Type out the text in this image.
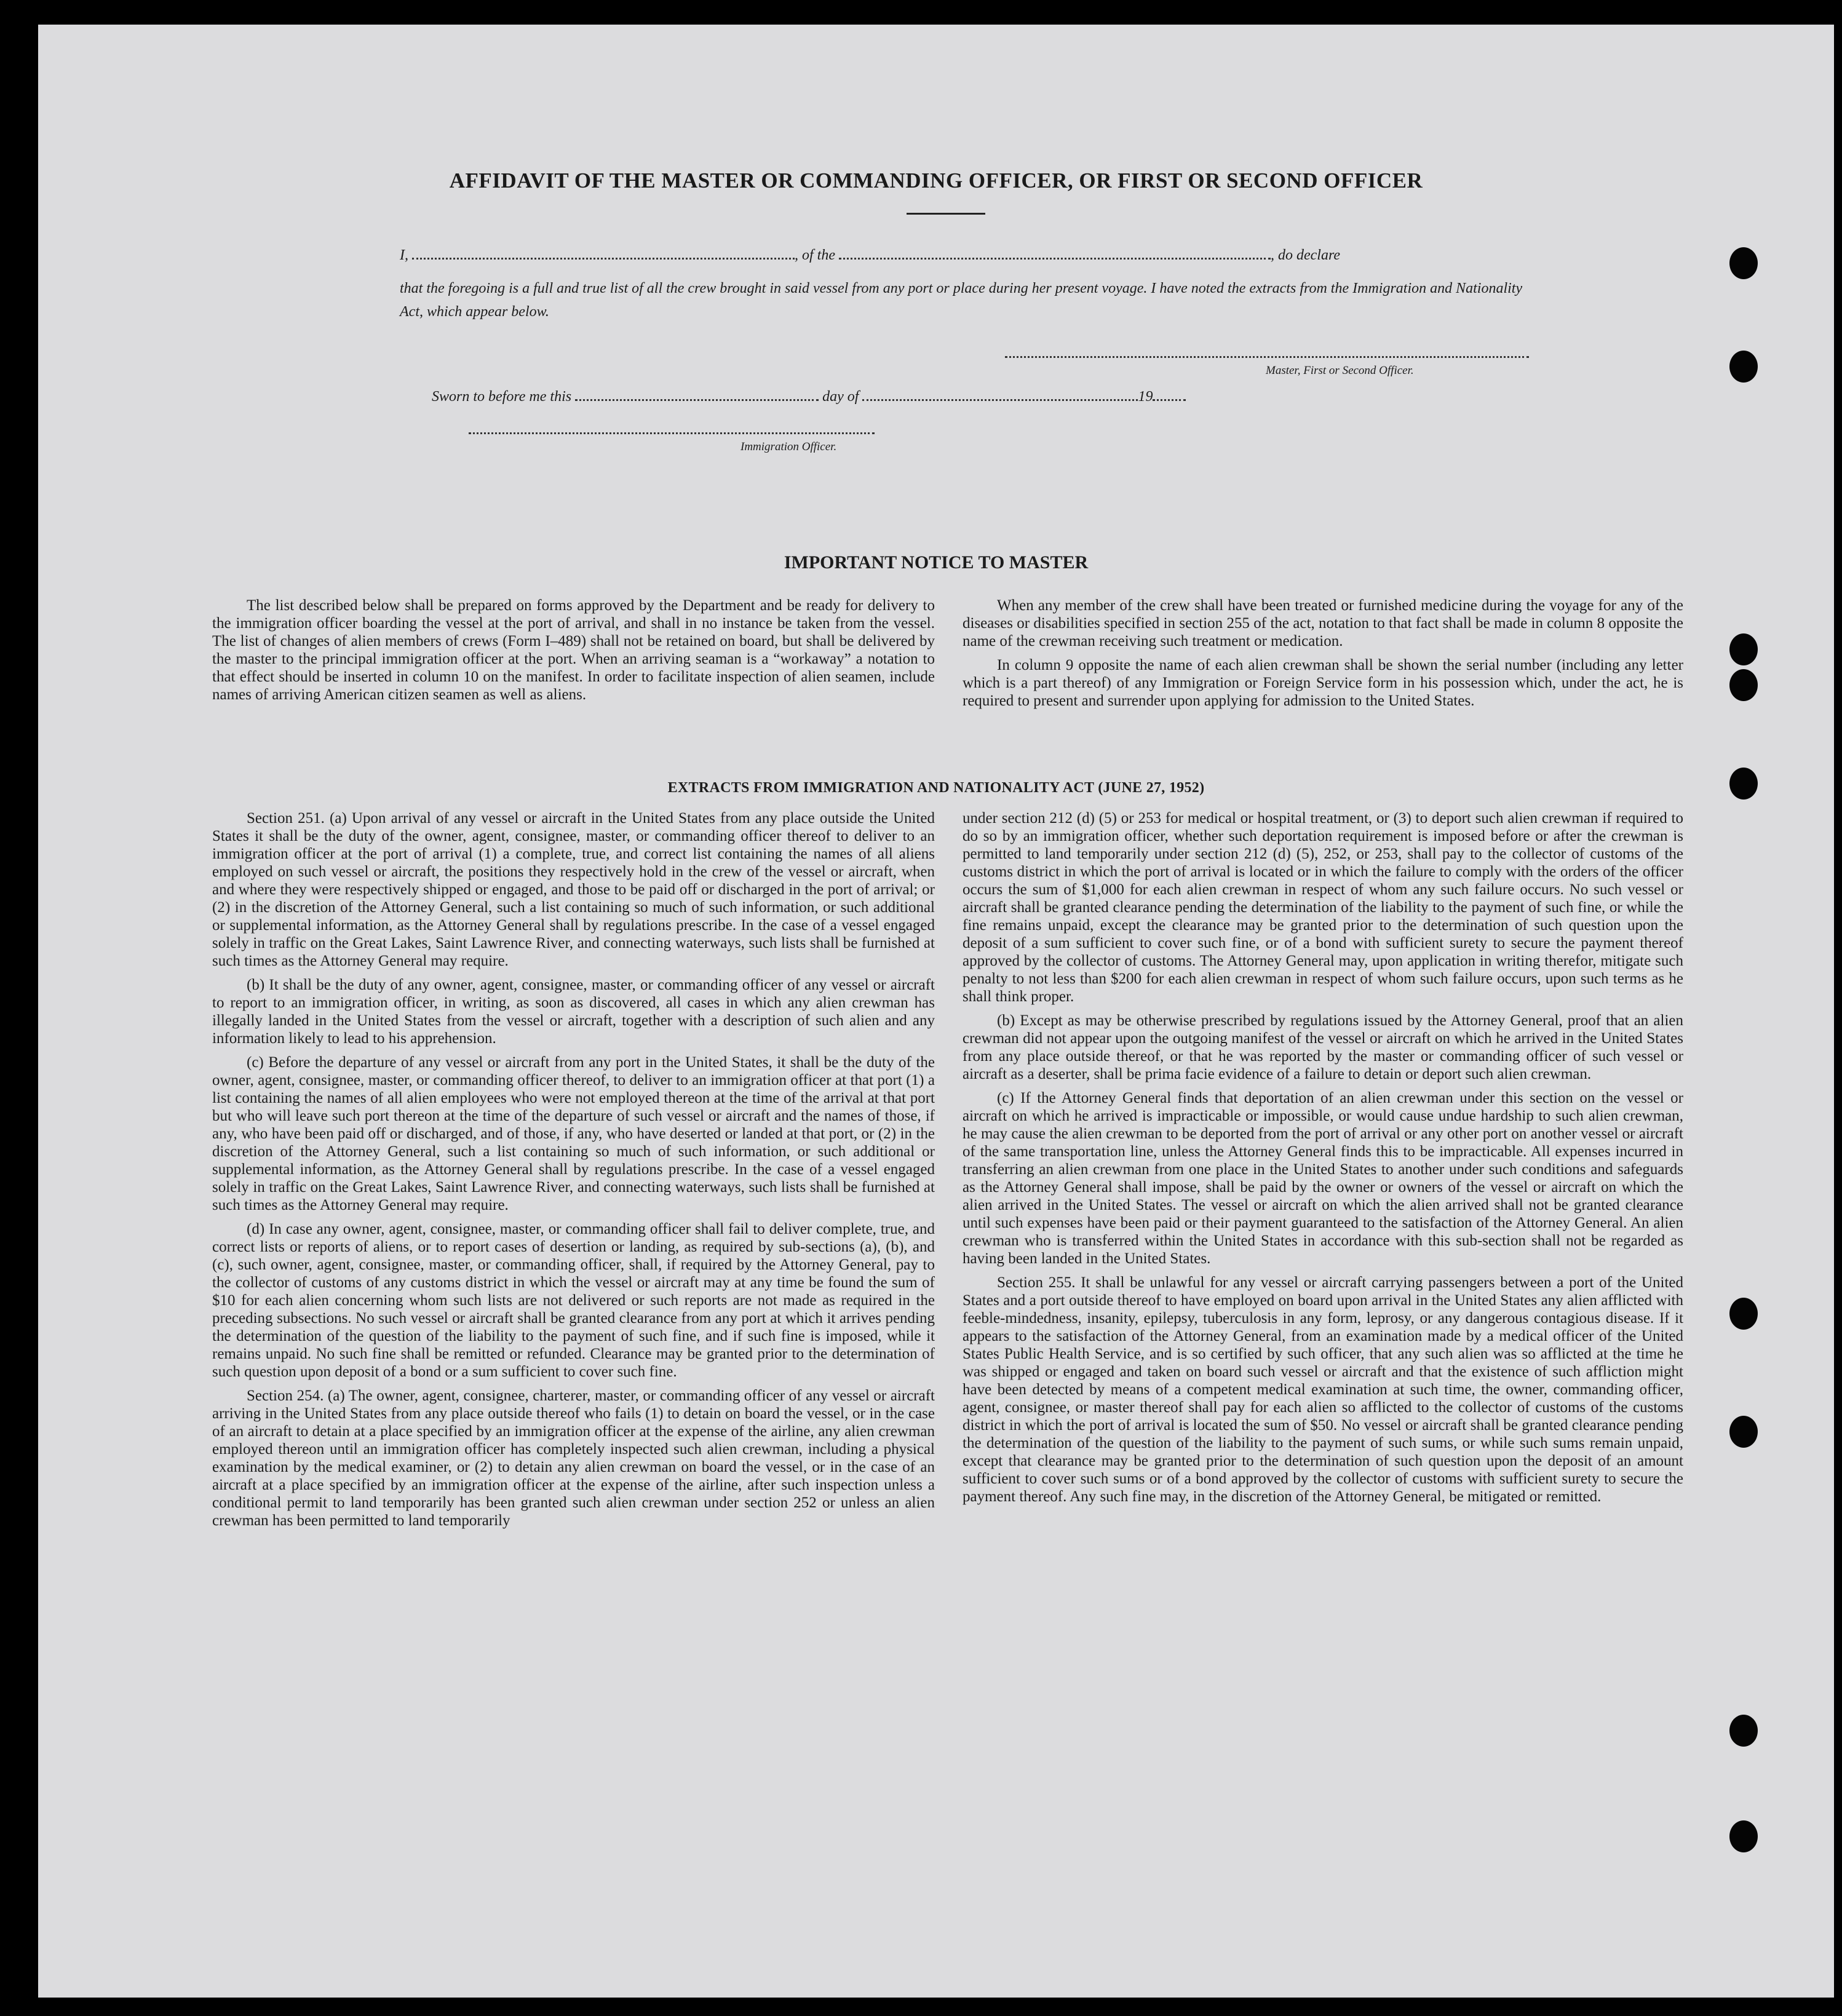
AFFIDAVIT OF THE MASTER OR COMMANDING OFFICER, OR FIRST OR SECOND OFFICER
I,	, of the	, do declare
that the foregoing is a full and true list of all the crew brought in said vessel from any port or place during her present voyage. I have noted the extracts from the Immigration and Nationality Act, which appear below.
Master, First or Second Officer.
Sworn to before me this	day of	19
Immigration Officer.
IMPORTANT NOTICE TO MASTER

The list described below shall be prepared on forms approved by the Department and be ready for delivery to the immigration officer boarding the vessel at the port of arrival, and shall in no instance be taken from the vessel. The list of changes of alien members of crews (Form I–489) shall not be retained on board, but shall be delivered by the master to the principal immigration officer at the port. When an arriving seaman is a “workaway” a notation to that effect should be inserted in column 10 on the manifest. In order to facilitate inspection of alien seamen, include names of arriving American citizen seamen as well as aliens.

When any member of the crew shall have been treated or furnished medicine during the voyage for any of the diseases or disabilities specified in section 255 of the act, notation to that fact shall be made in column 8 opposite the name of the crewman receiving such treatment or medication.

In column 9 opposite the name of each alien crewman shall be shown the serial number (including any letter which is a part thereof) of any Immigration or Foreign Service form in his possession which, under the act, he is required to present and surrender upon applying for admission to the United States.

EXTRACTS FROM IMMIGRATION AND NATIONALITY ACT (JUNE 27, 1952)

Section 251. (a) Upon arrival of any vessel or aircraft in the United States from any place outside the United States it shall be the duty of the owner, agent, consignee, master, or commanding officer thereof to deliver to an immigration officer at the port of arrival (1) a complete, true, and correct list containing the names of all aliens employed on such vessel or aircraft, the positions they respectively hold in the crew of the vessel or aircraft, when and where they were respectively shipped or engaged, and those to be paid off or discharged in the port of arrival; or (2) in the discretion of the Attorney General, such a list containing so much of such information, or such additional or supplemental information, as the Attorney General shall by regulations prescribe. In the case of a vessel engaged solely in traffic on the Great Lakes, Saint Lawrence River, and connecting waterways, such lists shall be furnished at such times as the Attorney General may require.

(b) It shall be the duty of any owner, agent, consignee, master, or commanding officer of any vessel or aircraft to report to an immigration officer, in writing, as soon as discovered, all cases in which any alien crewman has illegally landed in the United States from the vessel or aircraft, together with a description of such alien and any information likely to lead to his apprehension.

(c) Before the departure of any vessel or aircraft from any port in the United States, it shall be the duty of the owner, agent, consignee, master, or commanding officer thereof, to deliver to an immigration officer at that port (1) a list containing the names of all alien employees who were not employed thereon at the time of the arrival at that port but who will leave such port thereon at the time of the departure of such vessel or aircraft and the names of those, if any, who have been paid off or discharged, and of those, if any, who have deserted or landed at that port, or (2) in the discretion of the Attorney General, such a list containing so much of such information, or such additional or supplemental information, as the Attorney General shall by regulations prescribe. In the case of a vessel engaged solely in traffic on the Great Lakes, Saint Lawrence River, and connecting waterways, such lists shall be furnished at such times as the Attorney General may require.

(d) In case any owner, agent, consignee, master, or commanding officer shall fail to deliver complete, true, and correct lists or reports of aliens, or to report cases of desertion or landing, as required by sub-sections (a), (b), and (c), such owner, agent, consignee, master, or commanding officer, shall, if required by the Attorney General, pay to the collector of customs of any customs district in which the vessel or aircraft may at any time be found the sum of $10 for each alien concerning whom such lists are not delivered or such reports are not made as required in the preceding subsections. No such vessel or aircraft shall be granted clearance from any port at which it arrives pending the determination of the question of the liability to the payment of such fine, and if such fine is imposed, while it remains unpaid. No such fine shall be remitted or refunded. Clearance may be granted prior to the determination of such question upon deposit of a bond or a sum sufficient to cover such fine.

Section 254. (a) The owner, agent, consignee, charterer, master, or commanding officer of any vessel or aircraft arriving in the United States from any place outside thereof who fails (1) to detain on board the vessel, or in the case of an aircraft to detain at a place specified by an immigration officer at the expense of the airline, any alien crewman employed thereon until an immigration officer has completely inspected such alien crewman, including a physical examination by the medical examiner, or (2) to detain any alien crewman on board the vessel, or in the case of an aircraft at a place specified by an immigration officer at the expense of the airline, after such inspection unless a conditional permit to land temporarily has been granted such alien crewman under section 252 or unless an alien crewman has been permitted to land temporarily

under section 212 (d) (5) or 253 for medical or hospital treatment, or (3) to deport such alien crewman if required to do so by an immigration officer, whether such deportation requirement is imposed before or after the crewman is permitted to land temporarily under section 212 (d) (5), 252, or 253, shall pay to the collector of customs of the customs district in which the port of arrival is located or in which the failure to comply with the orders of the officer occurs the sum of $1,000 for each alien crewman in respect of whom any such failure occurs. No such vessel or aircraft shall be granted clearance pending the determination of the liability to the payment of such fine, or while the fine remains unpaid, except the clearance may be granted prior to the determination of such question upon the deposit of a sum sufficient to cover such fine, or of a bond with sufficient surety to secure the payment thereof approved by the collector of customs. The Attorney General may, upon application in writing therefor, mitigate such penalty to not less than $200 for each alien crewman in respect of whom such failure occurs, upon such terms as he shall think proper.

(b) Except as may be otherwise prescribed by regulations issued by the Attorney General, proof that an alien crewman did not appear upon the outgoing manifest of the vessel or aircraft on which he arrived in the United States from any place outside thereof, or that he was reported by the master or commanding officer of such vessel or aircraft as a deserter, shall be prima facie evidence of a failure to detain or deport such alien crewman.

(c) If the Attorney General finds that deportation of an alien crewman under this section on the vessel or aircraft on which he arrived is impracticable or impossible, or would cause undue hardship to such alien crewman, he may cause the alien crewman to be deported from the port of arrival or any other port on another vessel or aircraft of the same transportation line, unless the Attorney General finds this to be impracticable. All expenses incurred in transferring an alien crewman from one place in the United States to another under such conditions and safeguards as the Attorney General shall impose, shall be paid by the owner or owners of the vessel or aircraft on which the alien arrived in the United States. The vessel or aircraft on which the alien arrived shall not be granted clearance until such expenses have been paid or their payment guaranteed to the satisfaction of the Attorney General. An alien crewman who is transferred within the United States in accordance with this sub-section shall not be regarded as having been landed in the United States.

Section 255. It shall be unlawful for any vessel or aircraft carrying passengers between a port of the United States and a port outside thereof to have employed on board upon arrival in the United States any alien afflicted with feeble-mindedness, insanity, epilepsy, tuberculosis in any form, leprosy, or any dangerous contagious disease. If it appears to the satisfaction of the Attorney General, from an examination made by a medical officer of the United States Public Health Service, and is so certified by such officer, that any such alien was so afflicted at the time he was shipped or engaged and taken on board such vessel or aircraft and that the existence of such affliction might have been detected by means of a competent medical examination at such time, the owner, commanding officer, agent, consignee, or master thereof shall pay for each alien so afflicted to the collector of customs of the customs district in which the port of arrival is located the sum of $50. No vessel or aircraft shall be granted clearance pending the determination of the question of the liability to the payment of such sums, or while such sums remain unpaid, except that clearance may be granted prior to the determination of such question upon the deposit of an amount sufficient to cover such sums or of a bond approved by the collector of customs with sufficient surety to secure the payment thereof. Any such fine may, in the discretion of the Attorney General, be mitigated or remitted.
